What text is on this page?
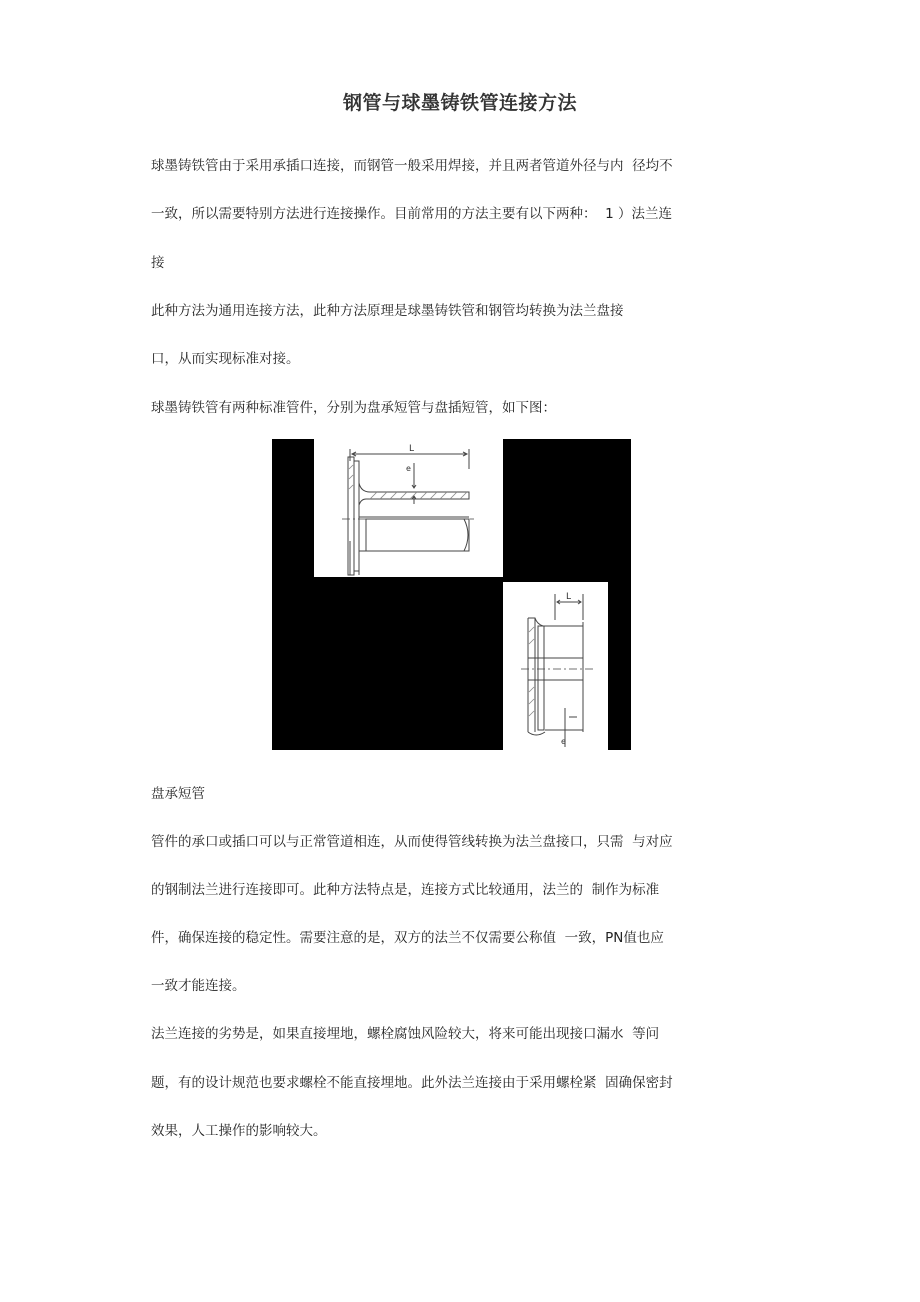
钢管与球墨铸铁管连接方法
球墨铸铁管由于采用承插口连接，而钢管一般采用焊接，并且两者管道外径与内  径均不
一致，所以需要特别方法进行连接操作。目前常用的方法主要有以下两种：  1 ）法兰连
接
此种方法为通用连接方法，此种方法原理是球墨铸铁管和钢管均转换为法兰盘接
口，从而实现标准对接。
球墨铸铁管有两种标准管件，分别为盘承短管与盘插短管，如下图：
L
e
L
e
盘承短管
管件的承口或插口可以与正常管道相连，从而使得管线转换为法兰盘接口，只需  与对应
的钢制法兰进行连接即可。此种方法特点是，连接方式比较通用，法兰的  制作为标准
件，确保连接的稳定性。需要注意的是，双方的法兰不仅需要公称值  一致，PN值也应
一致才能连接。
法兰连接的劣势是，如果直接埋地，螺栓腐蚀风险较大，将来可能出现接口漏水  等问
题，有的设计规范也要求螺栓不能直接埋地。此外法兰连接由于采用螺栓紧  固确保密封
效果，人工操作的影响较大。
